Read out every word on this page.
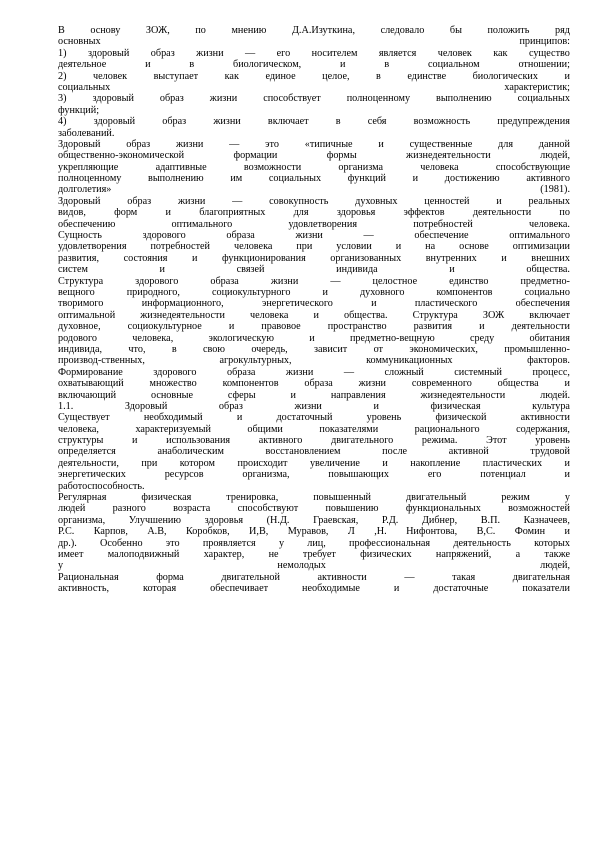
В	основу	ЗОЖ,	по	мнению	Д.А.Изуткина,	следовало	бы	положить	ряд
основных	принципов:
1) здоровый образ жизни — его носителем является человек как существо
деятельное	и	в	биологическом,	и	в	социальном	отношении;
2)	человек	выступает	как	единое	целое,	в	единстве	биологических	и
социальных	характеристик;
3)	здоровый	образ	жизни	способствует	полноценному	выполнению	социальных
функций;
4)	здоровый	образ	жизни	включает	в	себя	возможность	предупреждения
заболеваний.
Здоровый	образ	жизни	—	это	«типичные	и	существенные	для	данной
общественно-экономической	формации	формы	жизнедеятельности	людей,
укрепляющие	адаптивные	возможности	организма	человека	способствующие
полноценному	выполнению	им	социальных	функций	и	достижению	активного
долголетия»	(1981).
Здоровый	образ	жизни	—	совокупность	духовных	ценностей	и	реальных
видов,	форм	и	благоприятных	для	здоровья	эффектов	деятельности	по
обеспечению	оптимального	удовлетворения	потребностей	человека.
Сущность	здорового	образа	жизни	—	обеспечение	оптимального
удовлетворения потребностей человека при условии и на основе оптимизации
развития, состояния и функционирования организованных внутренних и внешних
систем	и	связей	индивида	и	общества.
Структура	здорового	образа	жизни	—	целостное	единство	предметно-
вещного	природного,	социокультурного	и	духовного	компонентов	социально
творимого	информационного,	энергетического	и	пластического	обеспечения
оптимальной жизнедеятельности человека и общества. Структура ЗОЖ включает
духовное,	социокультурное	и	правовое	пространство	развития	и	деятельности
родового	человека,	экологическую	и	предметно-вещную	среду	обитания
индивида,	что,	в	свою	очередь,	зависит	от	экономических,	промышленно-
производ-ственных,	агрокультурных,	коммуникационных	факторов.
Формирование	здорового	образа	жизни	—	сложный	системный	процесс,
охватывающий	множество	компонентов	образа	жизни	современного	общества	и
включающий	основные	сферы	и	направления	жизнедеятельности	людей.
1.1.	Здоровый	образ	жизни	и	физическая	культура
Существует	необходимый	и	достаточный	уровень	физической	активности
человека,	характеризуемый	общими	показателями	рационального	содержания,
структуры	и	использования	активного	двигательного	режима.	Этот	уровень
определяется	анаболическим	восстановлением	после	активной	трудовой
деятельности, при котором происходит увеличение и накопление пластических и
энергетических	ресурсов	организма,	повышающих	его	потенциал	и
работоспособность.
Регулярная	физическая	тренировка,	повышенный	двигательный	режим	у
людей	разного	возраста	способствуют	повышению	функциональных	возможностей
организма, Улучшению здоровья (Н.Д. Граевская, Р.Д. Дибнер, В.П. Казначеев,
Р.С. Карпов, А.В, Коробков, И,В, Муравов, Л ,Н. Нифонтова, В,С. Фомин и
др.). Особенно это проявляется у лиц, профессиональная деятельность которых
имеет малоподвижный характер, не требует физических напряжений, а также
у	немолодых	людей,
Рациональная	форма	двигательной	активности	—	такая	двигательная
активность,	которая	обеспечивает	необходимые	и	достаточные	показатели
